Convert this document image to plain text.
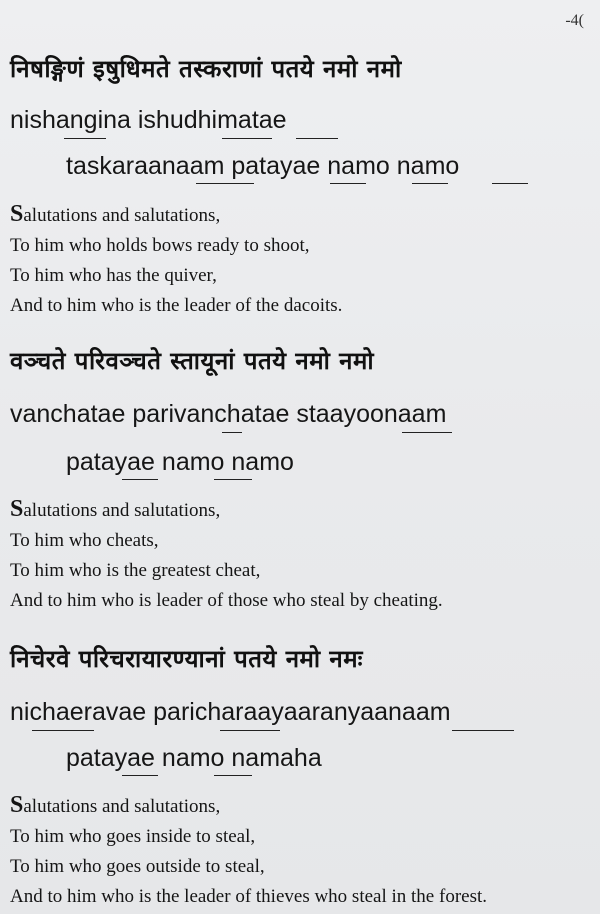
-4(
निषङ्गिणं इषुधिमते तस्कराणां पतये नमो नमो
nishangina ishudhimatae
taskaraanaam patayae namo namo
Salutations and salutations,
To him who holds bows ready to shoot,
To him who has the quiver,
And to him who is the leader of the dacoits.
वञ्चते परिवञ्चते स्तायूनां पतये नमो नमो
vanchatae parivanchatae staayoonaam
patayae namo namo
Salutations and salutations,
To him who cheats,
To him who is the greatest cheat,
And to him who is leader of those who steal by cheating.
निचेरवे परिचरायारण्यानां पतये नमो नमः
nichaeravae paricharaayaaranyaanaam
patayae namo namaha
Salutations and salutations,
To him who goes inside to steal,
To him who goes outside to steal,
And to him who is the leader of thieves who steal in the forest.
